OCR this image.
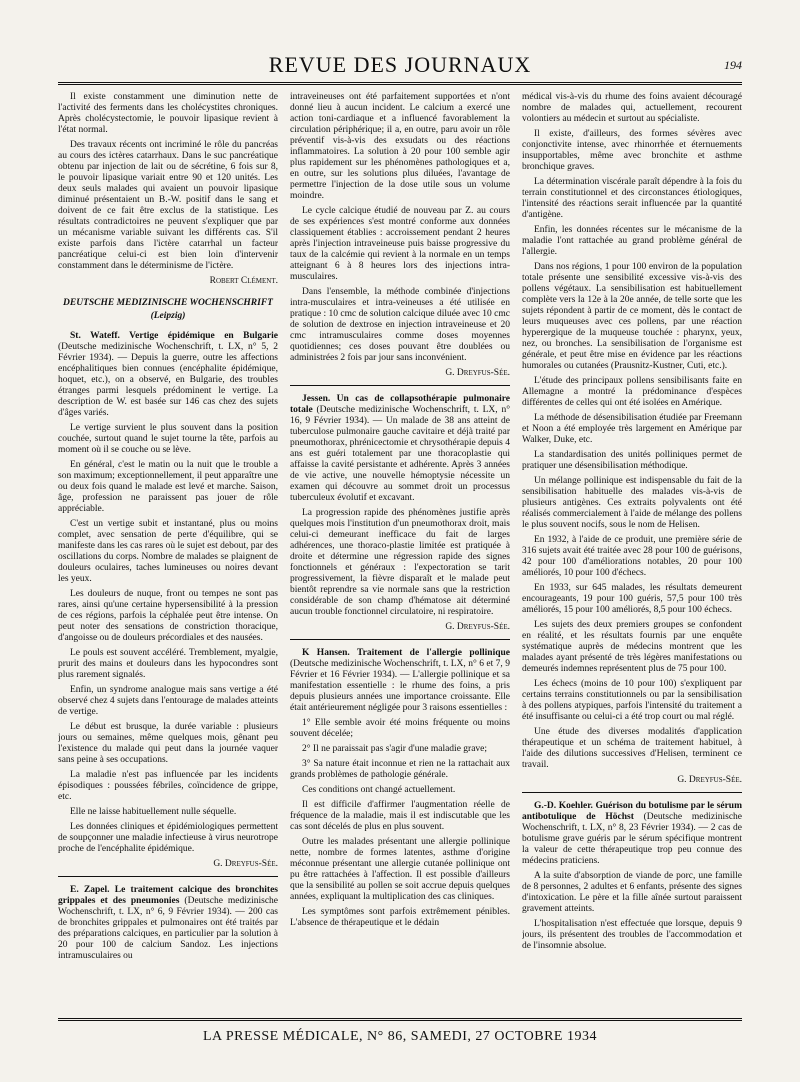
REVUE DES JOURNAUX	194

Il existe constamment une diminution nette de l'activité des ferments dans les cholécystites chroniques. Après cholécystectomie, le pouvoir lipasique revient à l'état normal.

Des travaux récents ont incriminé le rôle du pancréas au cours des ictères catarrhaux. Dans le suc pancréatique obtenu par injection de lait ou de sécrétine, 6 fois sur 8, le pouvoir lipasique variait entre 90 et 120 unités. Les deux seuls malades qui avaient un pouvoir lipasique diminué présentaient un B.-W. positif dans le sang et doivent de ce fait être exclus de la statistique. Les résultats contradictoires ne peuvent s'expliquer que par un mécanisme variable suivant les différents cas. S'il existe parfois dans l'ictère catarrhal un facteur pancréatique celui-ci est bien loin d'intervenir constamment dans le déterminisme de l'ictère.

Robert Clément.

DEUTSCHE MEDIZINISCHE WOCHENSCHRIFT (Leipzig)

St. Wateff. Vertige épidémique en Bulgarie (Deutsche medizinische Wochenschrift, t. LX, n° 5, 2 Février 1934). — Depuis la guerre, outre les affections encéphalitiques bien connues (encéphalite épidémique, hoquet, etc.), on a observé, en Bulgarie, des troubles étranges parmi lesquels prédominent le vertige. La description de W. est basée sur 146 cas chez des sujets d'âges variés.

Le vertige survient le plus souvent dans la position couchée, surtout quand le sujet tourne la tête, parfois au moment où il se couche ou se lève.

En général, c'est le matin ou la nuit que le trouble a son maximum; exceptionnellement, il peut apparaître une ou deux fois quand le malade est levé et marche. Saison, âge, profession ne paraissent pas jouer de rôle appréciable.

C'est un vertige subit et instantané, plus ou moins complet, avec sensation de perte d'équilibre, qui se manifeste dans les cas rares où le sujet est debout, par des oscillations du corps. Nombre de malades se plaignent de douleurs oculaires, taches lumineuses ou noires devant les yeux.

Les douleurs de nuque, front ou tempes ne sont pas rares, ainsi qu'une certaine hypersensibilité à la pression de ces régions, parfois la céphalée peut être intense. On peut noter des sensations de constriction thoracique, d'angoisse ou de douleurs précordiales et des nausées.

Le pouls est souvent accéléré. Tremblement, myalgie, prurit des mains et douleurs dans les hypocondres sont plus rarement signalés.

Enfin, un syndrome analogue mais sans vertige a été observé chez 4 sujets dans l'entourage de malades atteints de vertige.

Le début est brusque, la durée variable : plusieurs jours ou semaines, même quelques mois, gênant peu l'existence du malade qui peut dans la journée vaquer sans peine à ses occupations.

La maladie n'est pas influencée par les incidents épisodiques : poussées fébriles, coïncidence de grippe, etc.

Elle ne laisse habituellement nulle séquelle.

Les données cliniques et épidémiologiques permettent de soupçonner une maladie infectieuse à virus neurotrope proche de l'encéphalite épidémique.

G. Dreyfus-Sée.

E. Zapel. Le traitement calcique des bronchites grippales et des pneumonies (Deutsche medizinische Wochenschrift, t. LX, n° 6, 9 Février 1934). — 200 cas de bronchites grippales et pulmonaires ont été traités par des préparations calciques, en particulier par la solution à 20 pour 100 de calcium Sandoz. Les injections intramusculaires ou

intraveineuses ont été parfaitement supportées et n'ont donné lieu à aucun incident. Le calcium a exercé une action toni-cardiaque et a influencé favorablement la circulation périphérique; il a, en outre, paru avoir un rôle préventif vis-à-vis des exsudats ou des réactions inflammatoires. La solution à 20 pour 100 semble agir plus rapidement sur les phénomènes pathologiques et a, en outre, sur les solutions plus diluées, l'avantage de permettre l'injection de la dose utile sous un volume moindre.

Le cycle calcique étudié de nouveau par Z. au cours de ses expériences s'est montré conforme aux données classiquement établies : accroissement pendant 2 heures après l'injection intraveineuse puis baisse progressive du taux de la calcémie qui revient à la normale en un temps atteignant 6 à 8 heures lors des injections intra-musculaires.

Dans l'ensemble, la méthode combinée d'injections intra-musculaires et intra-veineuses a été utilisée en pratique : 10 cmc de solution calcique diluée avec 10 cmc de solution de dextrose en injection intraveineuse et 20 cmc intramusculaires comme doses moyennes quotidiennes; ces doses pouvant être doublées ou administrées 2 fois par jour sans inconvénient.

G. Dreyfus-Sée.

Jessen. Un cas de collapsothérapie pulmonaire totale (Deutsche medizinische Wochenschrift, t. LX, n° 16, 9 Février 1934). — Un malade de 38 ans atteint de tuberculose pulmonaire gauche cavitaire et déjà traité par pneumothorax, phrénicectomie et chrysothérapie depuis 4 ans est guéri totalement par une thoracoplastie qui affaisse la cavité persistante et adhérente. Après 3 années de vie active, une nouvelle hémoptysie nécessite un examen qui découvre au sommet droit un processus tuberculeux évolutif et excavant.

La progression rapide des phénomènes justifie après quelques mois l'institution d'un pneumothorax droit, mais celui-ci demeurant inefficace du fait de larges adhérences, une thoraco-plastie limitée est pratiquée à droite et détermine une régression rapide des signes fonctionnels et généraux : l'expectoration se tarit progressivement, la fièvre disparaît et le malade peut bientôt reprendre sa vie normale sans que la restriction considérable de son champ d'hématose ait déterminé aucun trouble fonctionnel circulatoire, ni respiratoire.

G. Dreyfus-Sée.

K Hansen. Traitement de l'allergie pollinique (Deutsche medizinische Wochenschrift, t. LX, n° 6 et 7, 9 Février et 16 Février 1934). — L'allergie pollinique et sa manifestation essentielle : le rhume des foins, a pris depuis plusieurs années une importance croissante. Elle était antérieurement négligée pour 3 raisons essentielles :

1° Elle semble avoir été moins fréquente ou moins souvent décelée;

2° Il ne paraissait pas s'agir d'une maladie grave;

3° Sa nature était inconnue et rien ne la rattachait aux grands problèmes de pathologie générale.

Ces conditions ont changé actuellement.

Il est difficile d'affirmer l'augmentation réelle de fréquence de la maladie, mais il est indiscutable que les cas sont décelés de plus en plus souvent.

Outre les malades présentant une allergie pollinique nette, nombre de formes latentes, asthme d'origine méconnue présentant une allergie cutanée pollinique ont pu être rattachées à l'affection. Il est possible d'ailleurs que la sensibilité au pollen se soit accrue depuis quelques années, expliquant la multiplication des cas cliniques.

Les symptômes sont parfois extrêmement pénibles. L'absence de thérapeutique et le dédain

médical vis-à-vis du rhume des foins avaient découragé nombre de malades qui, actuellement, recourent volontiers au médecin et surtout au spécialiste.

Il existe, d'ailleurs, des formes sévères avec conjonctivite intense, avec rhinorrhée et éternuements insupportables, même avec bronchite et asthme bronchique graves.

La détermination viscérale paraît dépendre à la fois du terrain constitutionnel et des circonstances étiologiques, l'intensité des réactions serait influencée par la quantité d'antigène.

Enfin, les données récentes sur le mécanisme de la maladie l'ont rattachée au grand problème général de l'allergie.

Dans nos régions, 1 pour 100 environ de la population totale présente une sensibilité excessive vis-à-vis des pollens végétaux. La sensibilisation est habituellement complète vers la 12e à la 20e année, de telle sorte que les sujets répondent à partir de ce moment, dès le contact de leurs muqueuses avec ces pollens, par une réaction hyperergique de la muqueuse touchée : pharynx, yeux, nez, ou bronches. La sensibilisation de l'organisme est générale, et peut être mise en évidence par les réactions humorales ou cutanées (Prausnitz-Kustner, Cuti, etc.).

L'étude des principaux pollens sensibilisants faite en Allemagne a montré la prédominance d'espèces différentes de celles qui ont été isolées en Amérique.

La méthode de désensibilisation étudiée par Freemann et Noon a été employée très largement en Amérique par Walker, Duke, etc.

La standardisation des unités polliniques permet de pratiquer une désensibilisation méthodique.

Un mélange pollinique est indispensable du fait de la sensibilisation habituelle des malades vis-à-vis de plusieurs antigènes. Ces extraits polyvalents ont été réalisés commercialement à l'aide de mélange des pollens le plus souvent nocifs, sous le nom de Helisen.

En 1932, à l'aide de ce produit, une première série de 316 sujets avait été traitée avec 28 pour 100 de guérisons, 42 pour 100 d'améliorations notables, 20 pour 100 améliorés, 10 pour 100 d'échecs.

En 1933, sur 645 malades, les résultats demeurent encourageants, 19 pour 100 guéris, 57,5 pour 100 très améliorés, 15 pour 100 améliorés, 8,5 pour 100 échecs.

Les sujets des deux premiers groupes se confondent en réalité, et les résultats fournis par une enquête systématique auprès de médecins montrent que les malades ayant présenté de très légères manifestations ou demeurés indemnes représentent plus de 75 pour 100.

Les échecs (moins de 10 pour 100) s'expliquent par certains terrains constitutionnels ou par la sensibilisation à des pollens atypiques, parfois l'intensité du traitement a été insuffisante ou celui-ci a été trop court ou mal réglé.

Une étude des diverses modalités d'application thérapeutique et un schéma de traitement habituel, à l'aide des dilutions successives d'Helisen, terminent ce travail.

G. Dreyfus-Sée.

G.-D. Koehler. Guérison du botulisme par le sérum antibotulique de Höchst (Deutsche medizinische Wochenschrift, t. LX, n° 8, 23 Février 1934). — 2 cas de botulisme grave guéris par le sérum spécifique montrent la valeur de cette thérapeutique trop peu connue des médecins praticiens.

A la suite d'absorption de viande de porc, une famille de 8 personnes, 2 adultes et 6 enfants, présente des signes d'intoxication. Le père et la fille aînée surtout paraissent gravement atteints.

L'hospitalisation n'est effectuée que lorsque, depuis 9 jours, ils présentent des troubles de l'accommodation et de l'insomnie absolue.

LA PRESSE MÉDICALE, N° 86, SAMEDI, 27 OCTOBRE 1934
